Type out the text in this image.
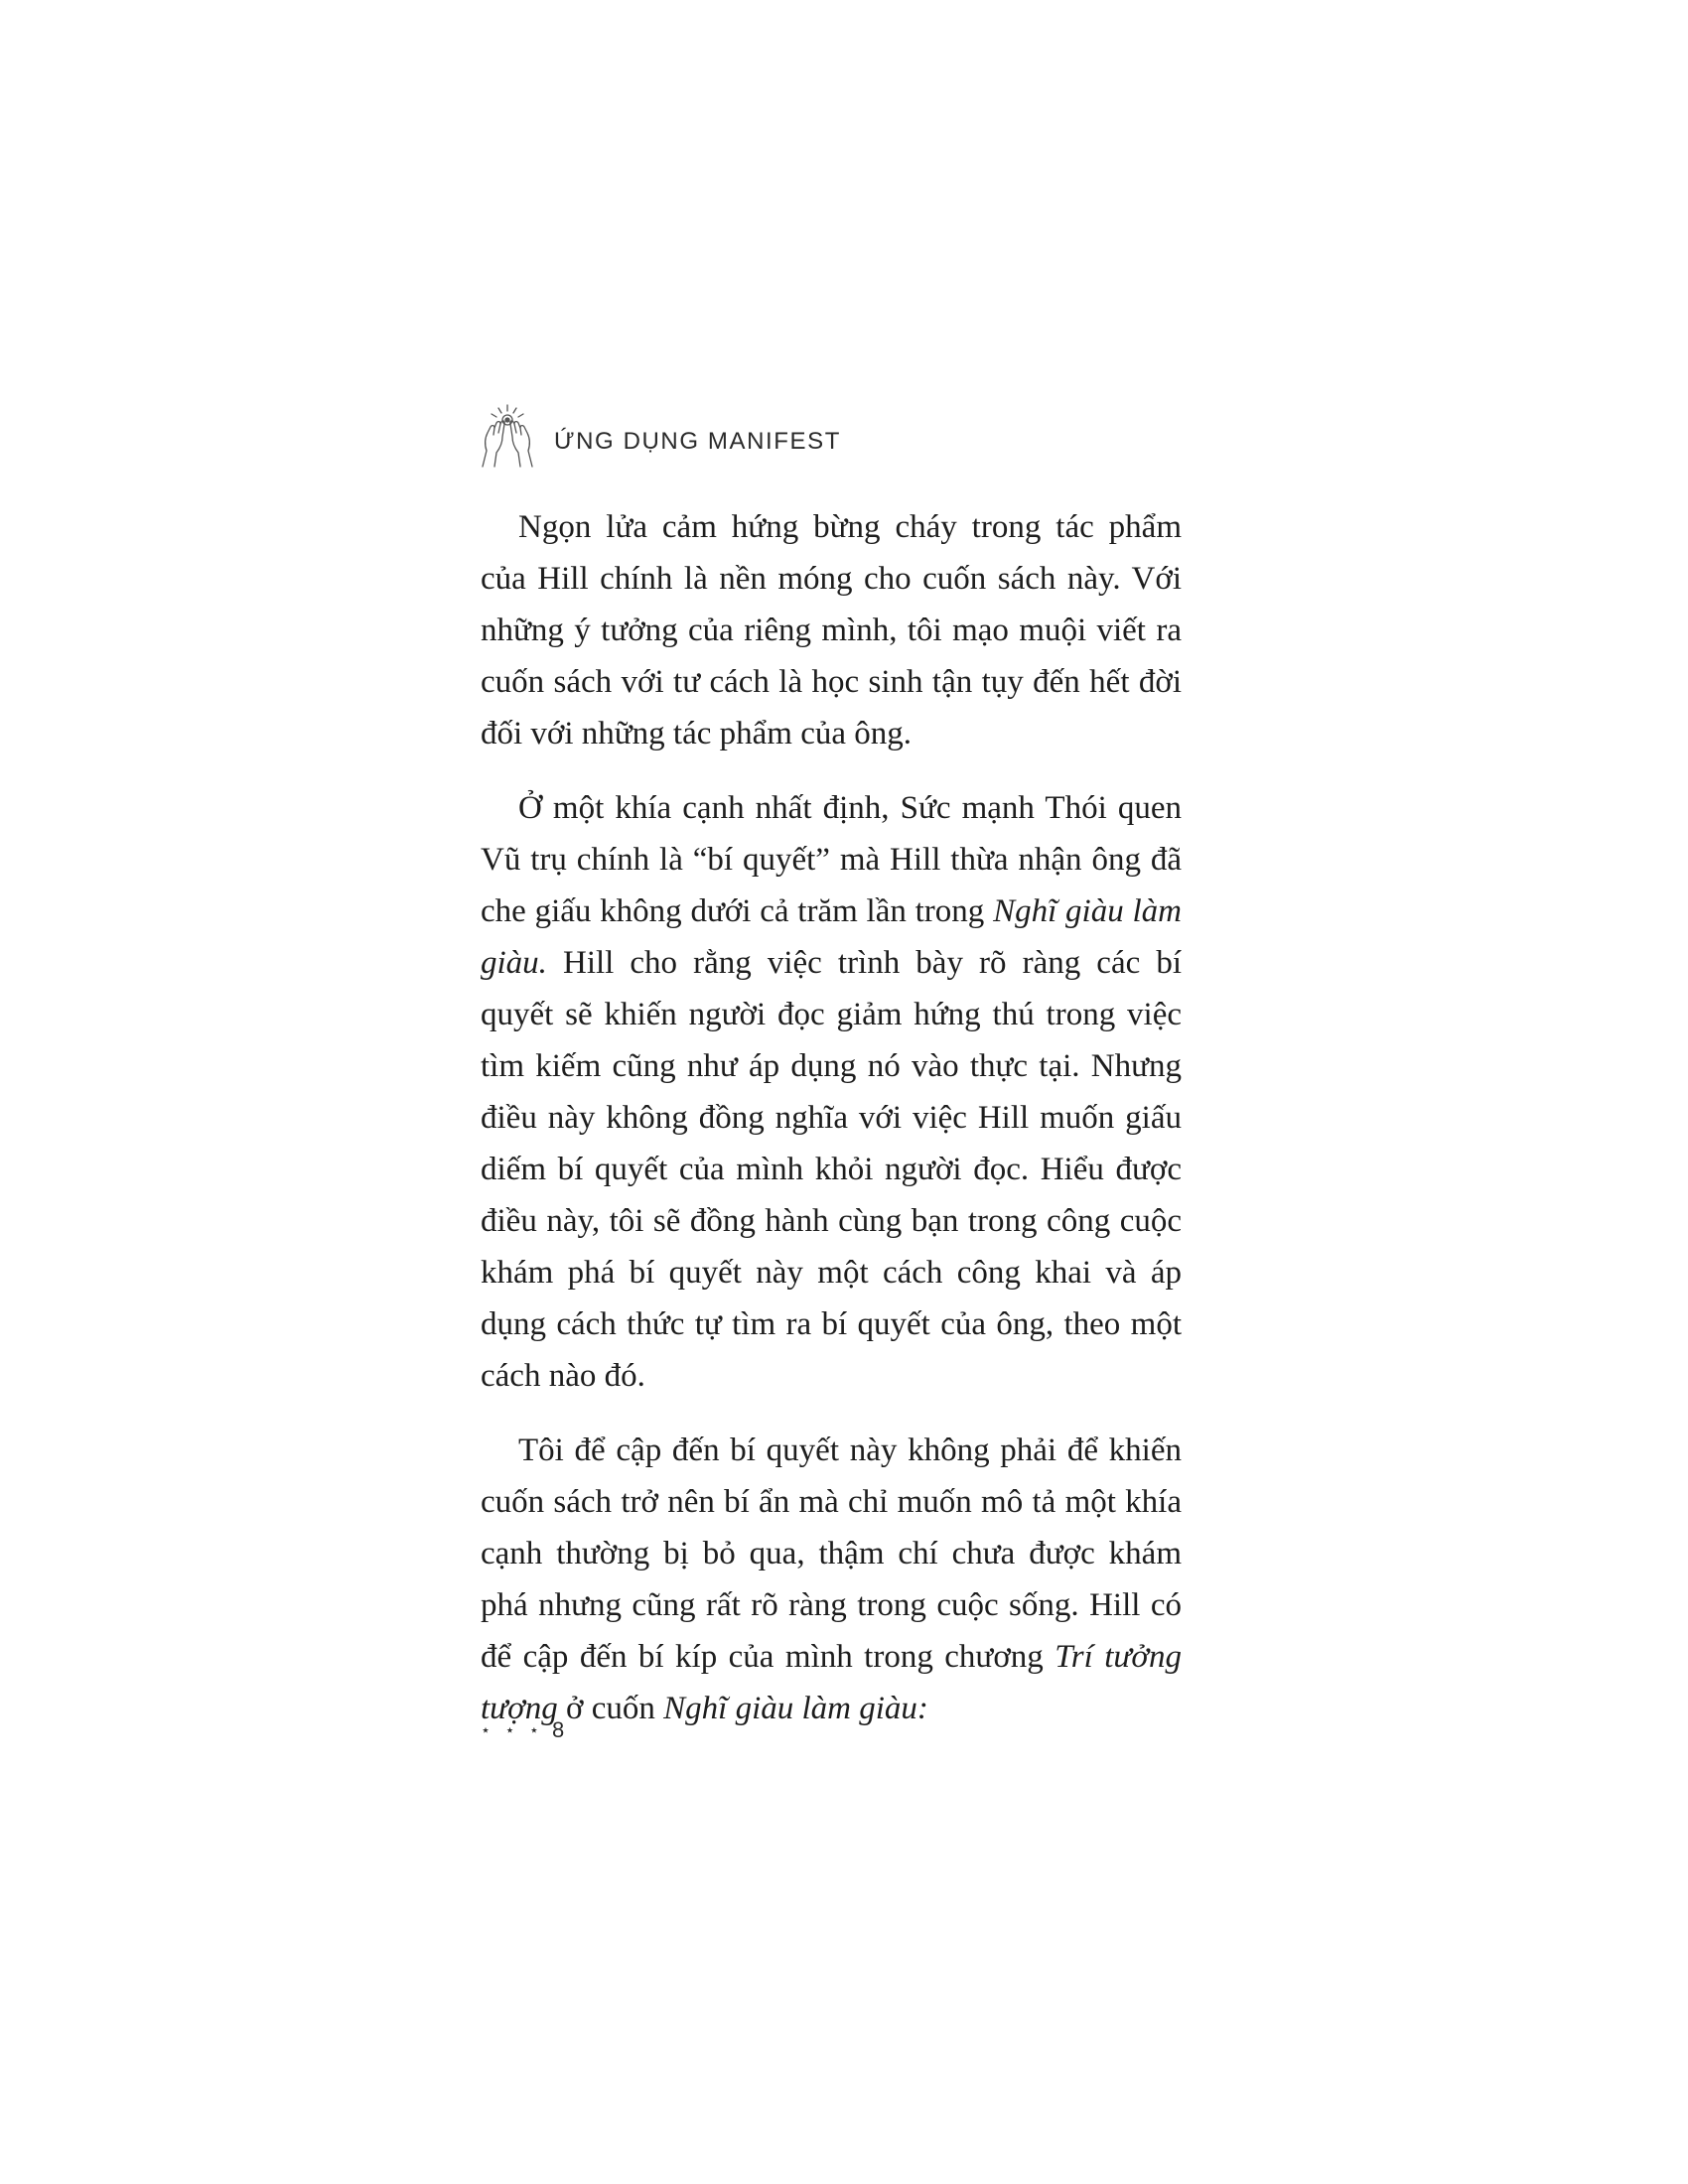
ỨNG DỤNG MANIFEST

Ngọn lửa cảm hứng bừng cháy trong tác phẩm của Hill chính là nền móng cho cuốn sách này. Với những ý tưởng của riêng mình, tôi mạo muội viết ra cuốn sách với tư cách là học sinh tận tụy đến hết đời đối với những tác phẩm của ông.

Ở một khía cạnh nhất định, Sức mạnh Thói quen Vũ trụ chính là “bí quyết” mà Hill thừa nhận ông đã che giấu không dưới cả trăm lần trong Nghĩ giàu làm giàu. Hill cho rằng việc trình bày rõ ràng các bí quyết sẽ khiến người đọc giảm hứng thú trong việc tìm kiếm cũng như áp dụng nó vào thực tại. Nhưng điều này không đồng nghĩa với việc Hill muốn giấu diếm bí quyết của mình khỏi người đọc. Hiểu được điều này, tôi sẽ đồng hành cùng bạn trong công cuộc khám phá bí quyết này một cách công khai và áp dụng cách thức tự tìm ra bí quyết của ông, theo một cách nào đó.

Tôi để cập đến bí quyết này không phải để khiến cuốn sách trở nên bí ẩn mà chỉ muốn mô tả một khía cạnh thường bị bỏ qua, thậm chí chưa được khám phá nhưng cũng rất rõ ràng trong cuộc sống. Hill có để cập đến bí kíp của mình trong chương Trí tưởng tượng ở cuốn Nghĩ giàu làm giàu:

⋆ ⋆ ⋆ 8
